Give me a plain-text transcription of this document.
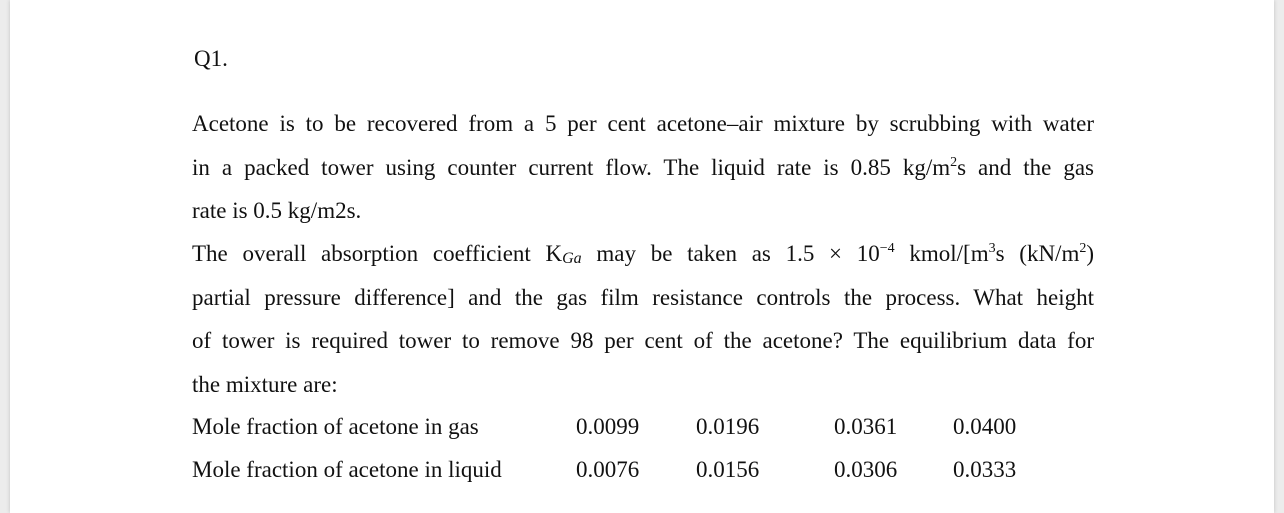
Q1.
Acetone is to be recovered from a 5 per cent acetone–air mixture by scrubbing with water
in a packed tower using counter current flow. The liquid rate is 0.85 $kg/m^2s$ and the gas
rate is 0.5 kg/m2s.
The overall absorption coefficient KGa may be taken as $1.5 \times 10^{-4}$ kmol/[$m^3s$ $(kN/m^2)$
partial pressure difference] and the gas film resistance controls the process. What height
of tower is required tower to remove 98 per cent of the acetone? The equilibrium data for
the mixture are:
Mole fraction of acetone in gas	0.0099 0.0196	0.0361 0.0400
Mole fraction of acetone in liquid	0.0076 0.0156	0.0306 0.0333
